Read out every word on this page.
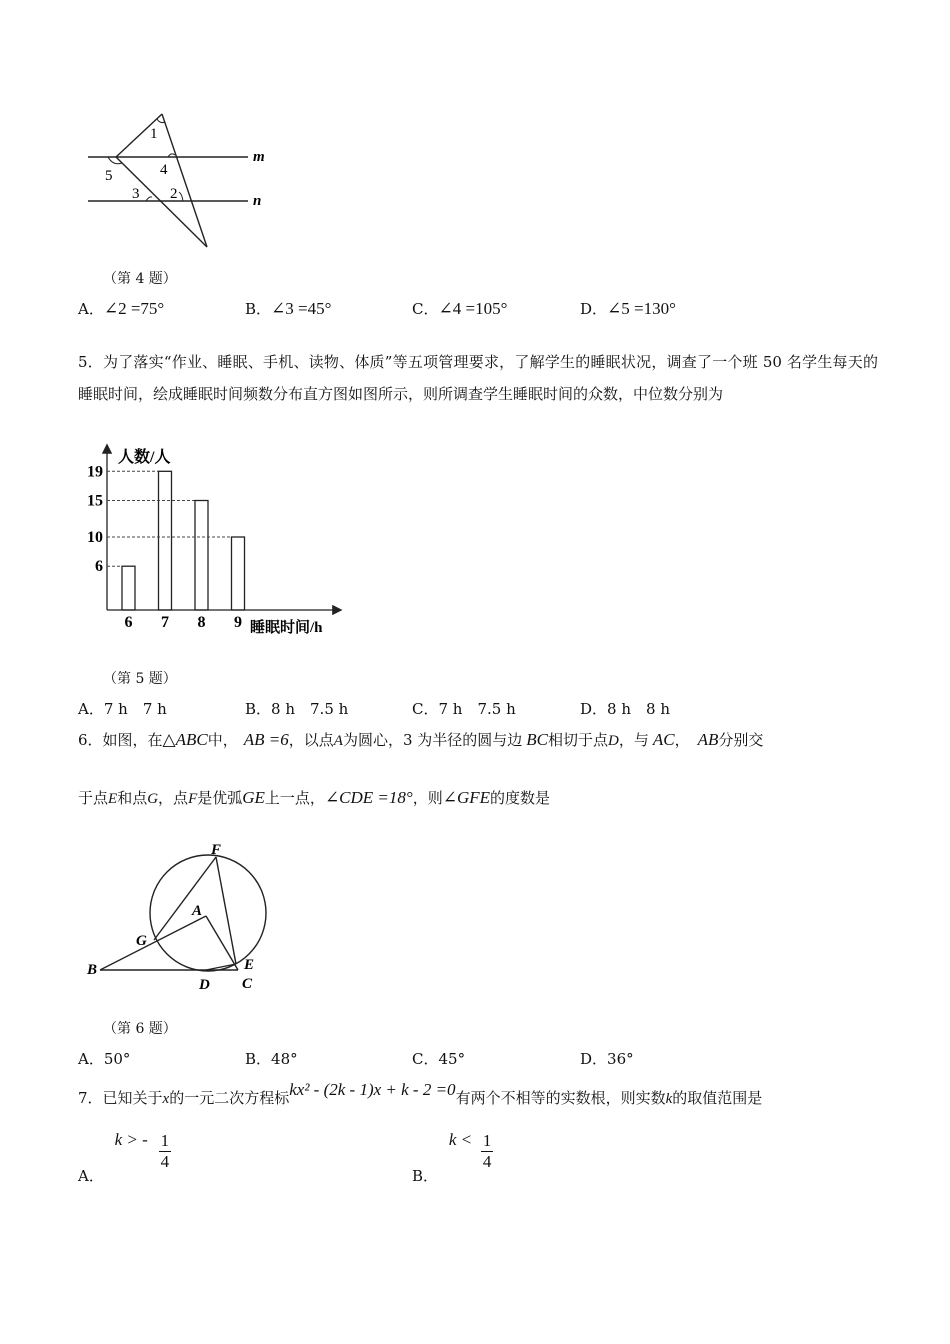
1
4
5
3 2
m
n
（第 4 题）
A．∠2 =75°	B．∠3 =45°	C．∠4 =105°	D．∠5 =130°
5．为了落实“作业、睡眠、手机、读物、体质”等五项管理要求，了解学生的睡眠状况，调查了一个班 50 名学生每天的睡眠时间，绘成睡眠时间频数分布直方图如图所示，则所调查学生睡眠时间的众数，中位数分别为
人数/人
睡眠时间/h
6 7 8 9
6
10
15
19
（第 5 题）
A．7 h　7 h	B．8 h　7.5 h	C．7 h　7.5 h	D．8 h　8 h
6．如图，在△ABC中， AB =6，以点A为圆心，3 为半径的圆与边 BC相切于点D，与 AC， AB分别交
于点E和点G，点F是优弧GE上一点，∠CDE =18°，则∠GFE的度数是
F
A
G
B
D
E
C
（第 6 题）
A．50°	B．48°	C．45°	D．36°
7．已知关于x的一元二次方程标kx² - (2k - 1)x + k - 2 =0有两个不相等的实数根，则实数k的取值范围是
A． k > - $\frac{1}{4}$
B． $k < \frac{1}{4}$
